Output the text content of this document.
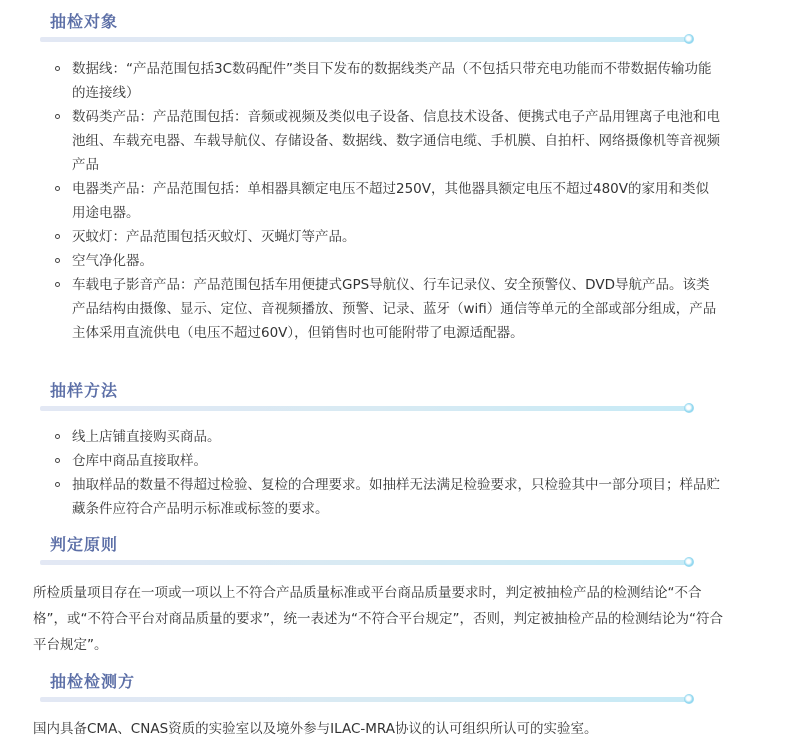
抽检对象
数据线：“产品范围包括3C数码配件”类目下发布的数据线类产品（不包括只带充电功能而不带数据传输功能的连接线）
数码类产品：产品范围包括：音频或视频及类似电子设备、信息技术设备、便携式电子产品用锂离子电池和电池组、车载充电器、车载导航仪、存储设备、数据线、数字通信电缆、手机膜、自拍杆、网络摄像机等音视频产品
电器类产品：产品范围包括：单相器具额定电压不超过250V，其他器具额定电压不超过480V的家用和类似用途电器。
灭蚊灯：产品范围包括灭蚊灯、灭蝇灯等产品。
空气净化器。
车载电子影音产品：产品范围包括车用便捷式GPS导航仪、行车记录仪、安全预警仪、DVD导航产品。该类产品结构由摄像、显示、定位、音视频播放、预警、记录、蓝牙（wifi）通信等单元的全部或部分组成，产品主体采用直流供电（电压不超过60V），但销售时也可能附带了电源适配器。
抽样方法
线上店铺直接购买商品。
仓库中商品直接取样。
抽取样品的数量不得超过检验、复检的合理要求。如抽样无法满足检验要求，只检验其中一部分项目；样品贮藏条件应符合产品明示标准或标签的要求。
判定原则

所检质量项目存在一项或一项以上不符合产品质量标准或平台商品质量要求时，判定被抽检产品的检测结论“不合格”，或“不符合平台对商品质量的要求”，统一表述为“不符合平台规定”，否则，判定被抽检产品的检测结论为“符合平台规定”。

抽检检测方

国内具备CMA、CNAS资质的实验室以及境外参与ILAC-MRA协议的认可组织所认可的实验室。
